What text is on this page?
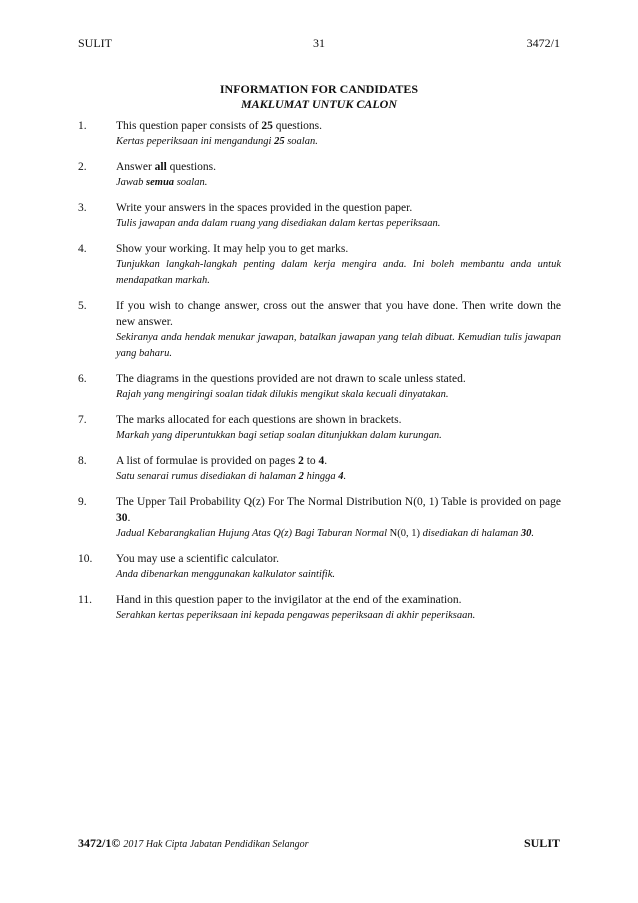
SULIT	31	3472/1
INFORMATION FOR CANDIDATES
MAKLUMAT UNTUK CALON
1.	This question paper consists of 25 questions.
Kertas peperiksaan ini mengandungi 25 soalan.
2.	Answer all questions.
Jawab semua soalan.
3.	Write your answers in the spaces provided in the question paper.
Tulis jawapan anda dalam ruang yang disediakan dalam kertas peperiksaan.
4.	Show your working. It may help you to get marks.
Tunjukkan langkah-langkah penting dalam kerja mengira anda. Ini boleh membantu anda untuk mendapatkan markah.
5.	If you wish to change answer, cross out the answer that you have done. Then write down the new answer.
Sekiranya anda hendak menukar jawapan, batalkan jawapan yang telah dibuat. Kemudian tulis jawapan yang baharu.
6.	The diagrams in the questions provided are not drawn to scale unless stated.
Rajah yang mengiringi soalan tidak dilukis mengikut skala kecuali dinyatakan.
7.	The marks allocated for each questions are shown in brackets.
Markah yang diperuntukkan bagi setiap soalan ditunjukkan dalam kurungan.
8.	A list of formulae is provided on pages 2 to 4.
Satu senarai rumus disediakan di halaman 2 hingga 4.
9.	The Upper Tail Probability Q(z) For The Normal Distribution N(0, 1) Table is provided on page 30.
Jadual Kebarangkalian Hujung Atas Q(z) Bagi Taburan Normal N(0, 1) disediakan di halaman 30.
10. You may use a scientific calculator.
Anda dibenarkan menggunakan kalkulator saintifik.
11. Hand in this question paper to the invigilator at the end of the examination.
Serahkan kertas peperiksaan ini kepada pengawas peperiksaan di akhir peperiksaan.
3472/1© 2017 Hak Cipta Jabatan Pendidikan Selangor	SULIT
